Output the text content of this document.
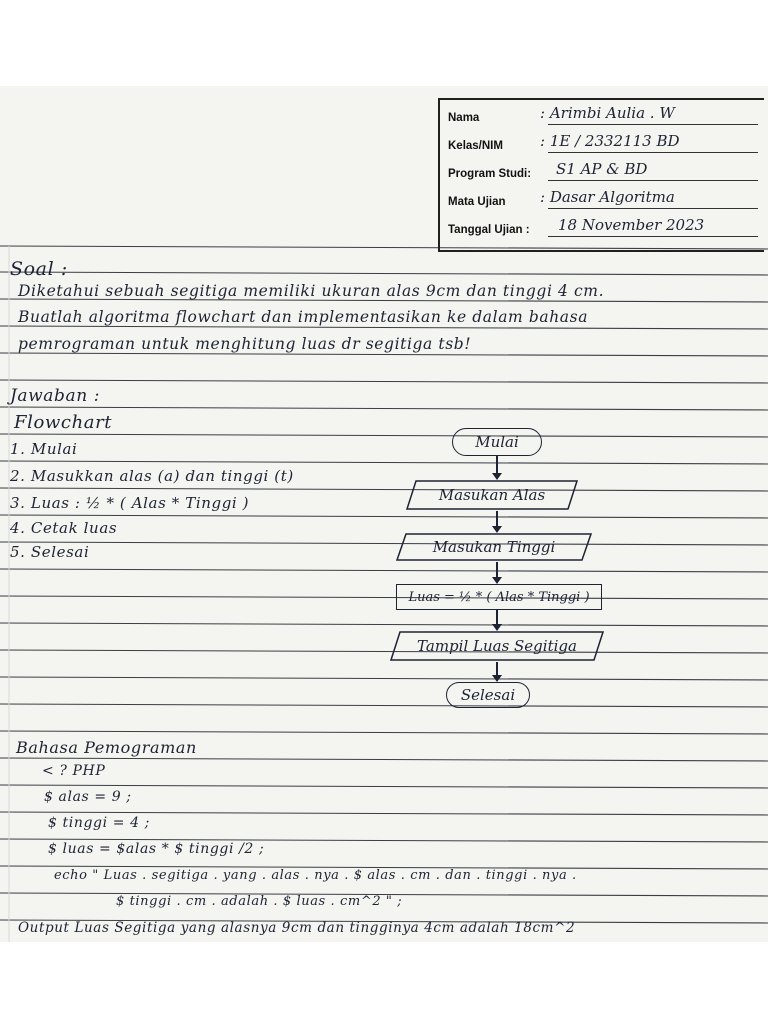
Nama	: Arimbi Aulia . W
Kelas/NIM : 1E / 2332113 BD
Program Studi: S1 AP & BD
Mata Ujian : Dasar Algoritma
Tanggal Ujian : 18 November 2023
Soal :
Diketahui sebuah segitiga memiliki ukuran alas 9cm dan tinggi 4 cm.
Buatlah algoritma flowchart dan implementasikan ke dalam bahasa
pemrograman untuk menghitung luas dr segitiga tsb!
Jawaban :
Flowchart
1. Mulai
2. Masukkan alas (a) dan tinggi (t)
3. Luas : ½ * ( Alas * Tinggi )
4. Cetak luas
5. Selesai
Mulai
Masukan Alas
Masukan Tinggi
Luas = ½ * ( Alas * Tinggi )
Tampil Luas Segitiga
Selesai
Bahasa Pemograman
< ? PHP
$ alas = 9 ;
$ tinggi = 4 ;
$ luas = $alas * $ tinggi /2 ;
echo " Luas . segitiga . yang . alas . nya . $ alas . cm . dan . tinggi . nya .
$ tinggi . cm . adalah . $ luas . cm^2 " ;
Output Luas Segitiga yang alasnya 9cm dan tingginya 4cm adalah 18cm^2
